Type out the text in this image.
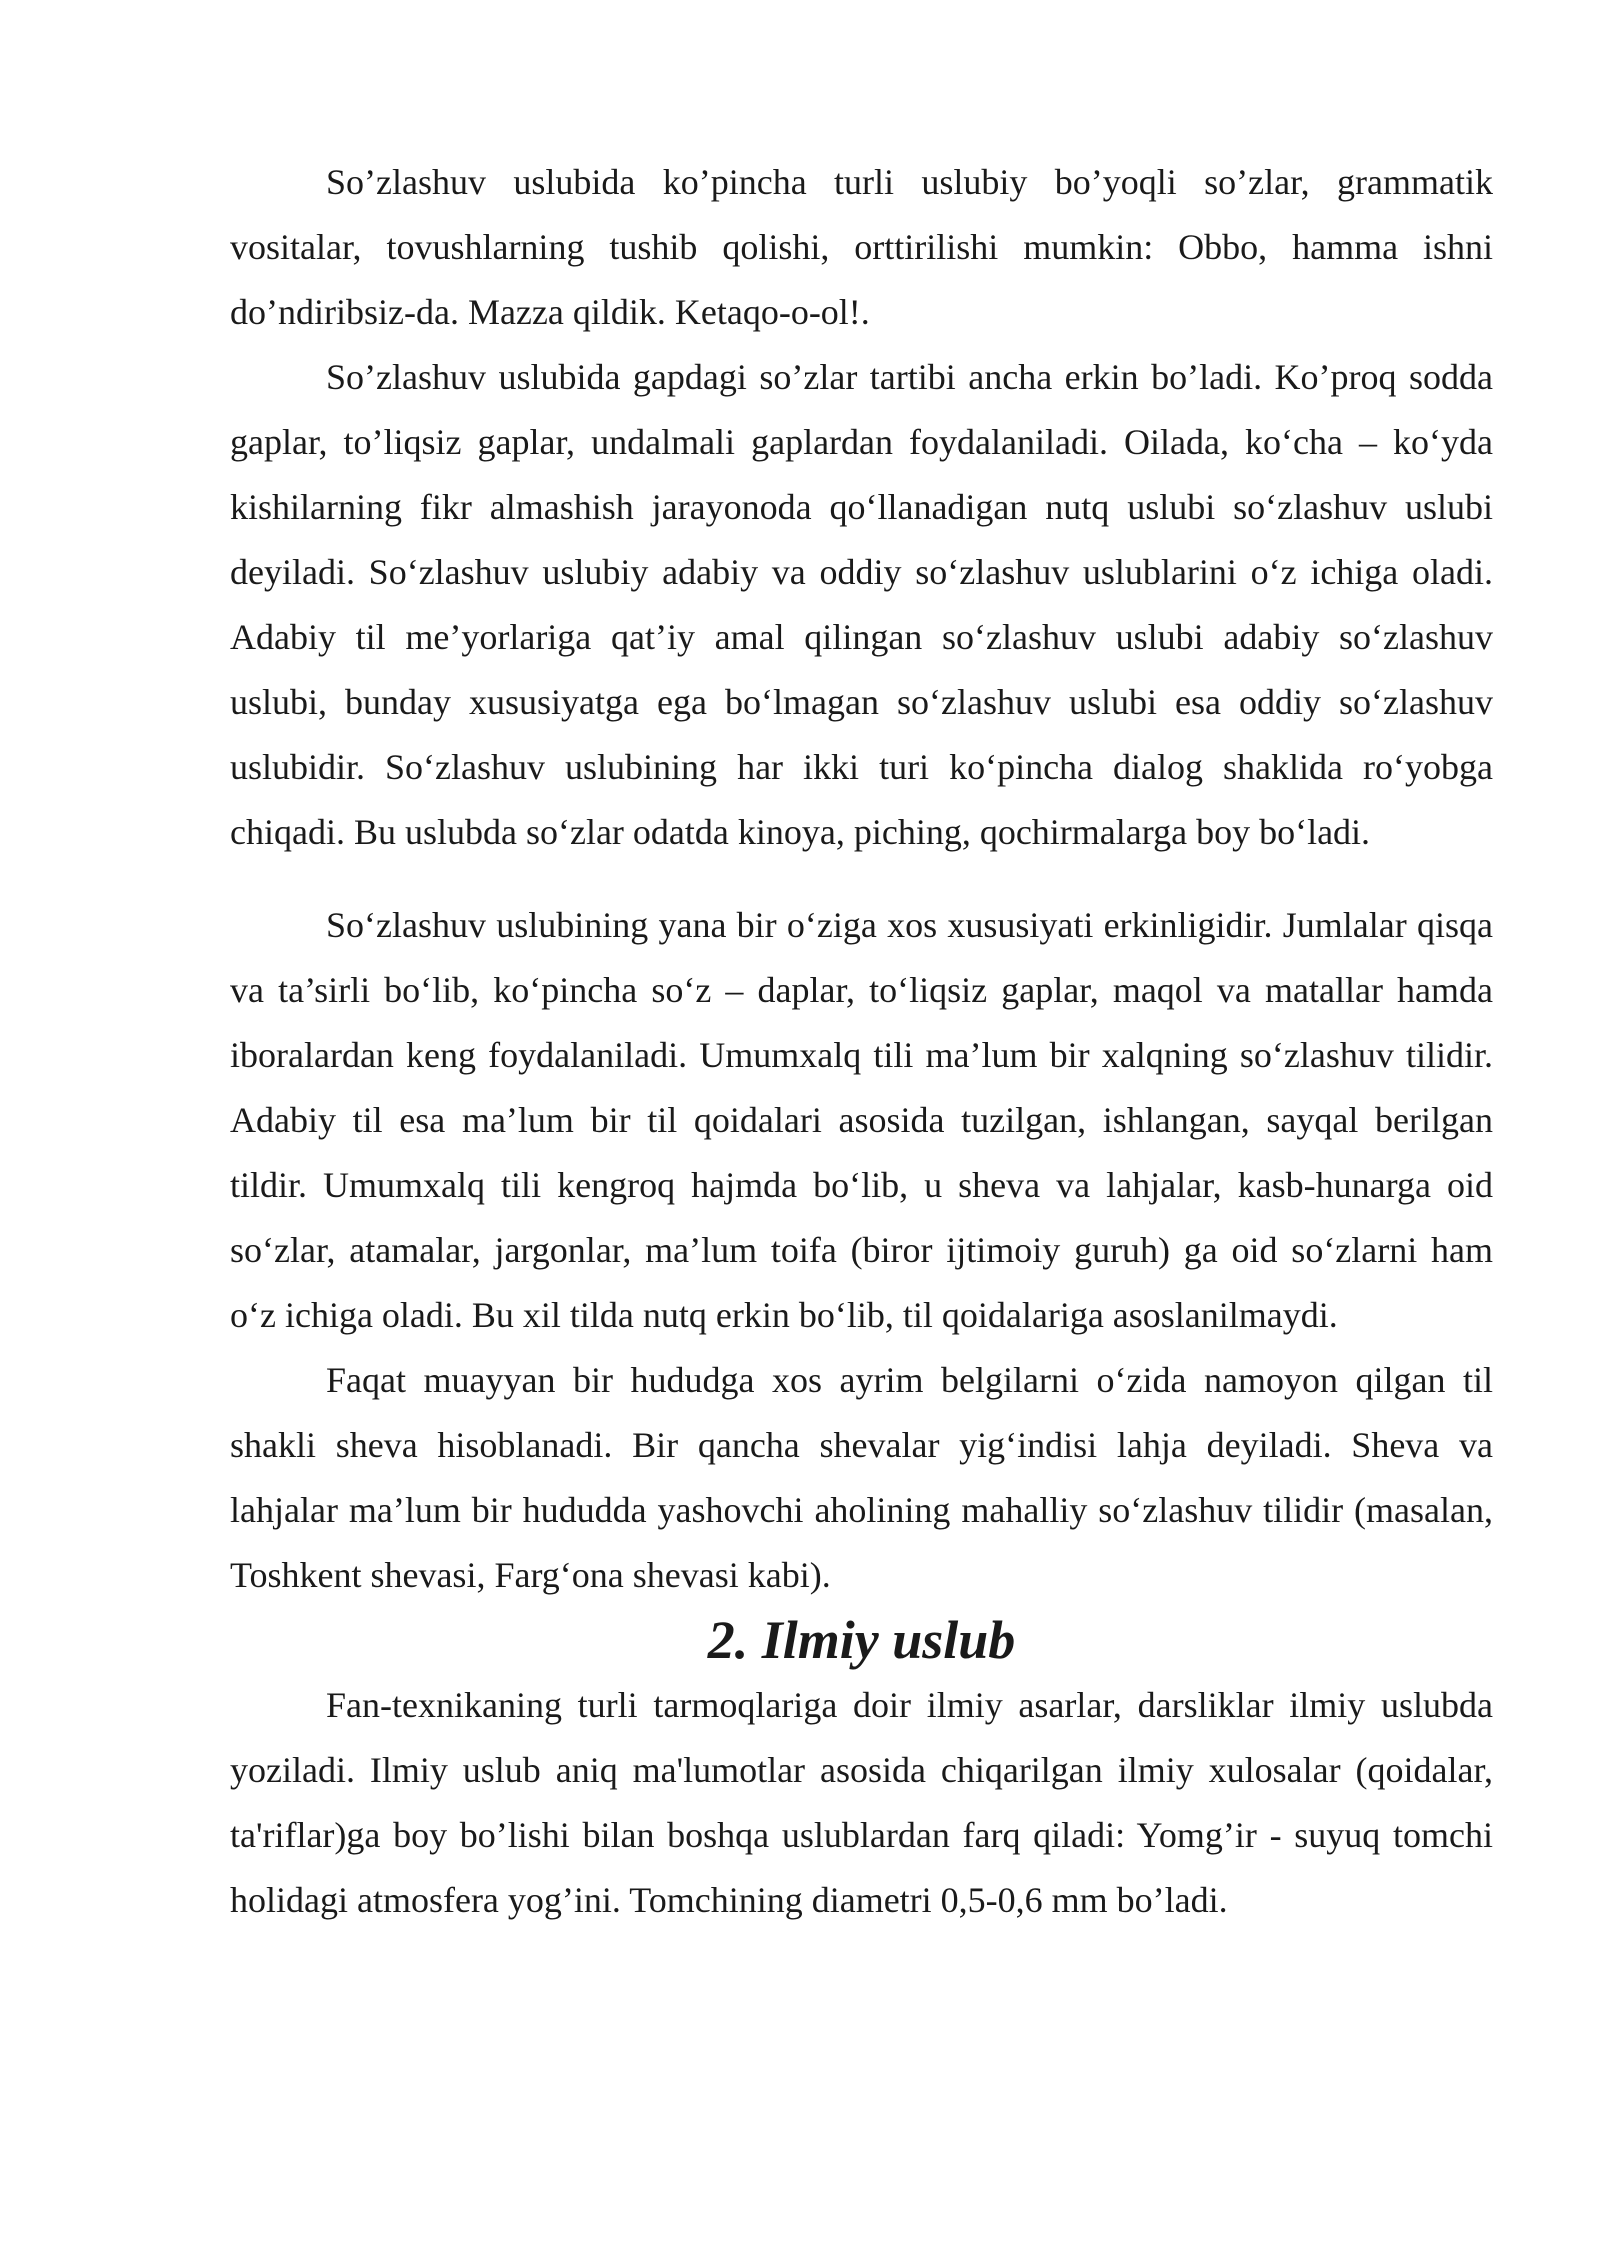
So’zlashuv uslubida ko’pincha turli uslubiy bo’yoqli so’zlar, grammatik vositalar, tovushlarning tushib qolishi, orttirilishi mumkin: Obbo, hamma ishni do’ndiribsiz-da. Mazza qildik. Ketaqo-o-ol!.

So’zlashuv uslubida gapdagi so’zlar tartibi ancha erkin bo’ladi. Ko’proq sodda gaplar, to’liqsiz gaplar, undalmali gaplardan foydalaniladi. Oilada, ko‘cha – ko‘yda kishilarning fikr almashish jarayonoda qo‘llanadigan nutq uslubi so‘zlashuv uslubi deyiladi. So‘zlashuv uslubiy adabiy va oddiy so‘zlashuv uslublarini o‘z ichiga oladi. Adabiy til me’yorlariga qat’iy amal qilingan so‘zlashuv uslubi adabiy so‘zlashuv uslubi, bunday xususiyatga ega bo‘lmagan so‘zlashuv uslubi esa oddiy so‘zlashuv uslubidir. So‘zlashuv uslubining har ikki turi ko‘pincha dialog shaklida ro‘yobga chiqadi. Bu uslubda so‘zlar odatda kinoya, piching, qochirmalarga boy bo‘ladi.

So‘zlashuv uslubining yana bir o‘ziga xos xususiyati erkinligidir. Jumlalar qisqa va ta’sirli bo‘lib, ko‘pincha so‘z – daplar, to‘liqsiz gaplar, maqol va matallar hamda iboralardan keng foydalaniladi. Umumxalq tili ma’lum bir xalqning so‘zlashuv tilidir. Adabiy til esa ma’lum bir til qoidalari asosida tuzilgan, ishlangan, sayqal berilgan tildir. Umumxalq tili kengroq hajmda bo‘lib, u sheva va lahjalar, kasb-hunarga oid so‘zlar, atamalar, jargonlar, ma’lum toifa (biror ijtimoiy guruh) ga oid so‘zlarni ham o‘z ichiga oladi. Bu xil tilda nutq erkin bo‘lib, til qoidalariga asoslanilmaydi.

Faqat muayyan bir hududga xos ayrim belgilarni o‘zida namoyon qilgan til shakli sheva hisoblanadi. Bir qancha shevalar yig‘indisi lahja deyiladi. Sheva va lahjalar ma’lum bir hududda yashovchi aholining mahalliy so‘zlashuv tilidir (masalan, Toshkent shevasi, Farg‘ona shevasi kabi).

2. Ilmiy uslub

Fan-texnikaning turli tarmoqlariga doir ilmiy asarlar, darsliklar ilmiy uslubda yoziladi. Ilmiy uslub aniq ma'lumotlar asosida chiqarilgan ilmiy xulosalar (qoidalar, ta'riflar)ga boy bo’lishi bilan boshqa uslublardan farq qiladi: Yomg’ir - suyuq tomchi holidagi atmosfera yog’ini. Tomchining diametri 0,5-0,6 mm bo’ladi.
